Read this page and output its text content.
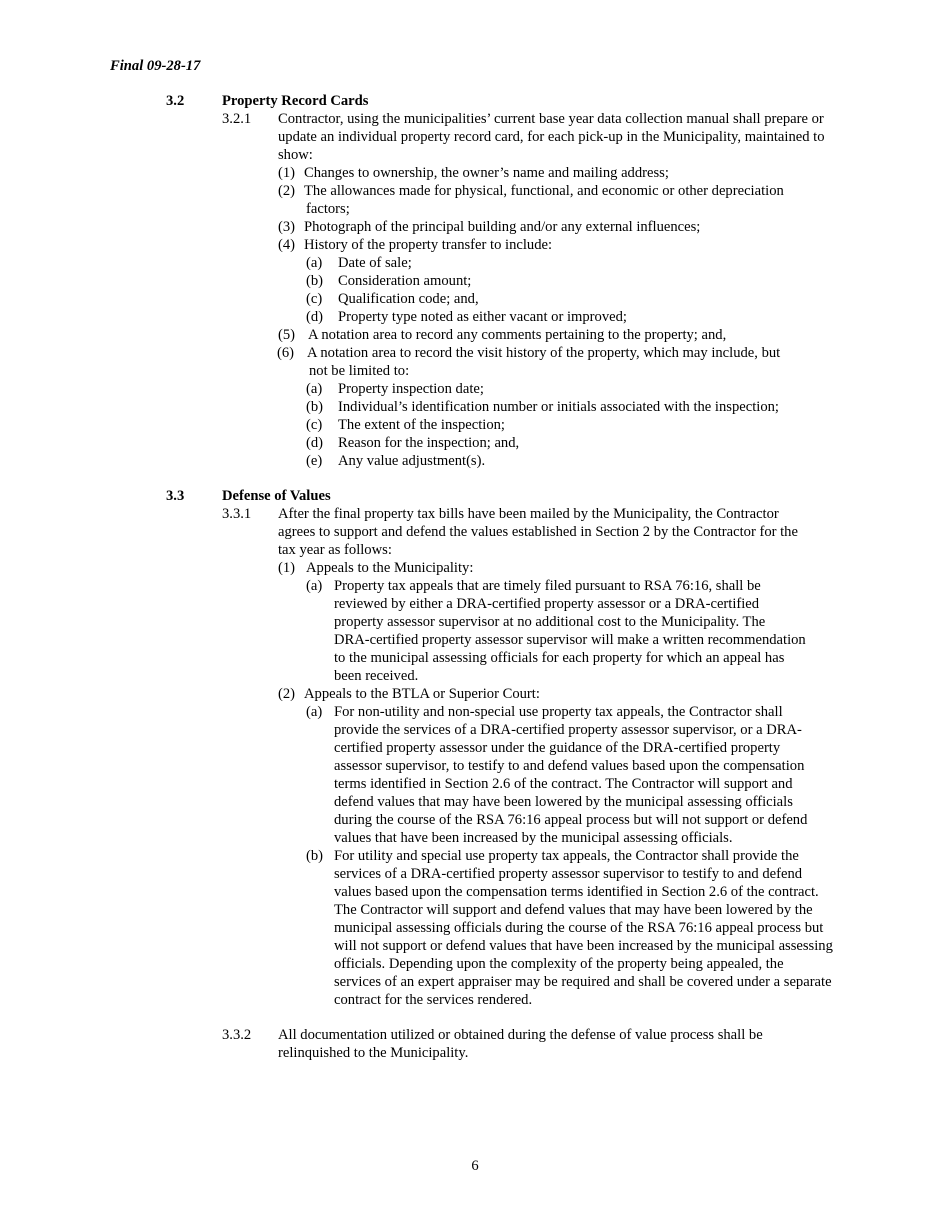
Final 09-28-17
3.2	Property Record Cards
3.2.1 Contractor, using the municipalities’ current base year data collection manual shall prepare or
update an individual property record card, for each pick-up in the Municipality, maintained to
show:
(1) Changes to ownership, the owner’s name and mailing address;
(2) The allowances made for physical, functional, and economic or other depreciation
factors;
(3) Photograph of the principal building and/or any external influences;
(4) History of the property transfer to include:
(a) Date of sale;
(b) Consideration amount;
(c) Qualification code; and,
(d) Property type noted as either vacant or improved;
(5) A notation area to record any comments pertaining to the property; and,
(6) A notation area to record the visit history of the property, which may include, but
not be limited to:
(a) Property inspection date;
(b) Individual’s identification number or initials associated with the inspection;
(c) The extent of the inspection;
(d) Reason for the inspection; and,
(e) Any value adjustment(s).
3.3	Defense of Values
3.3.1 After the final property tax bills have been mailed by the Municipality, the Contractor
agrees to support and defend the values established in Section 2 by the Contractor for the
tax year as follows:
(1) Appeals to the Municipality:
(a) Property tax appeals that are timely filed pursuant to RSA 76:16, shall be
reviewed by either a DRA-certified property assessor or a DRA-certified
property assessor supervisor at no additional cost to the Municipality. The
DRA-certified property assessor supervisor will make a written recommendation
to the municipal assessing officials for each property for which an appeal has
been received.
(2) Appeals to the BTLA or Superior Court:
(a) For non-utility and non-special use property tax appeals, the Contractor shall
provide the services of a DRA-certified property assessor supervisor, or a DRA-
certified property assessor under the guidance of the DRA-certified property
assessor supervisor, to testify to and defend values based upon the compensation
terms identified in Section 2.6 of the contract. The Contractor will support and
defend values that may have been lowered by the municipal assessing officials
during the course of the RSA 76:16 appeal process but will not support or defend
values that have been increased by the municipal assessing officials.
(b) For utility and special use property tax appeals, the Contractor shall provide the
services of a DRA-certified property assessor supervisor to testify to and defend
values based upon the compensation terms identified in Section 2.6 of the contract.
The Contractor will support and defend values that may have been lowered by the
municipal assessing officials during the course of the RSA 76:16 appeal process but
will not support or defend values that have been increased by the municipal assessing
officials. Depending upon the complexity of the property being appealed, the
services of an expert appraiser may be required and shall be covered under a separate
contract for the services rendered.
3.3.2 All documentation utilized or obtained during the defense of value process shall be
relinquished to the Municipality.
6
